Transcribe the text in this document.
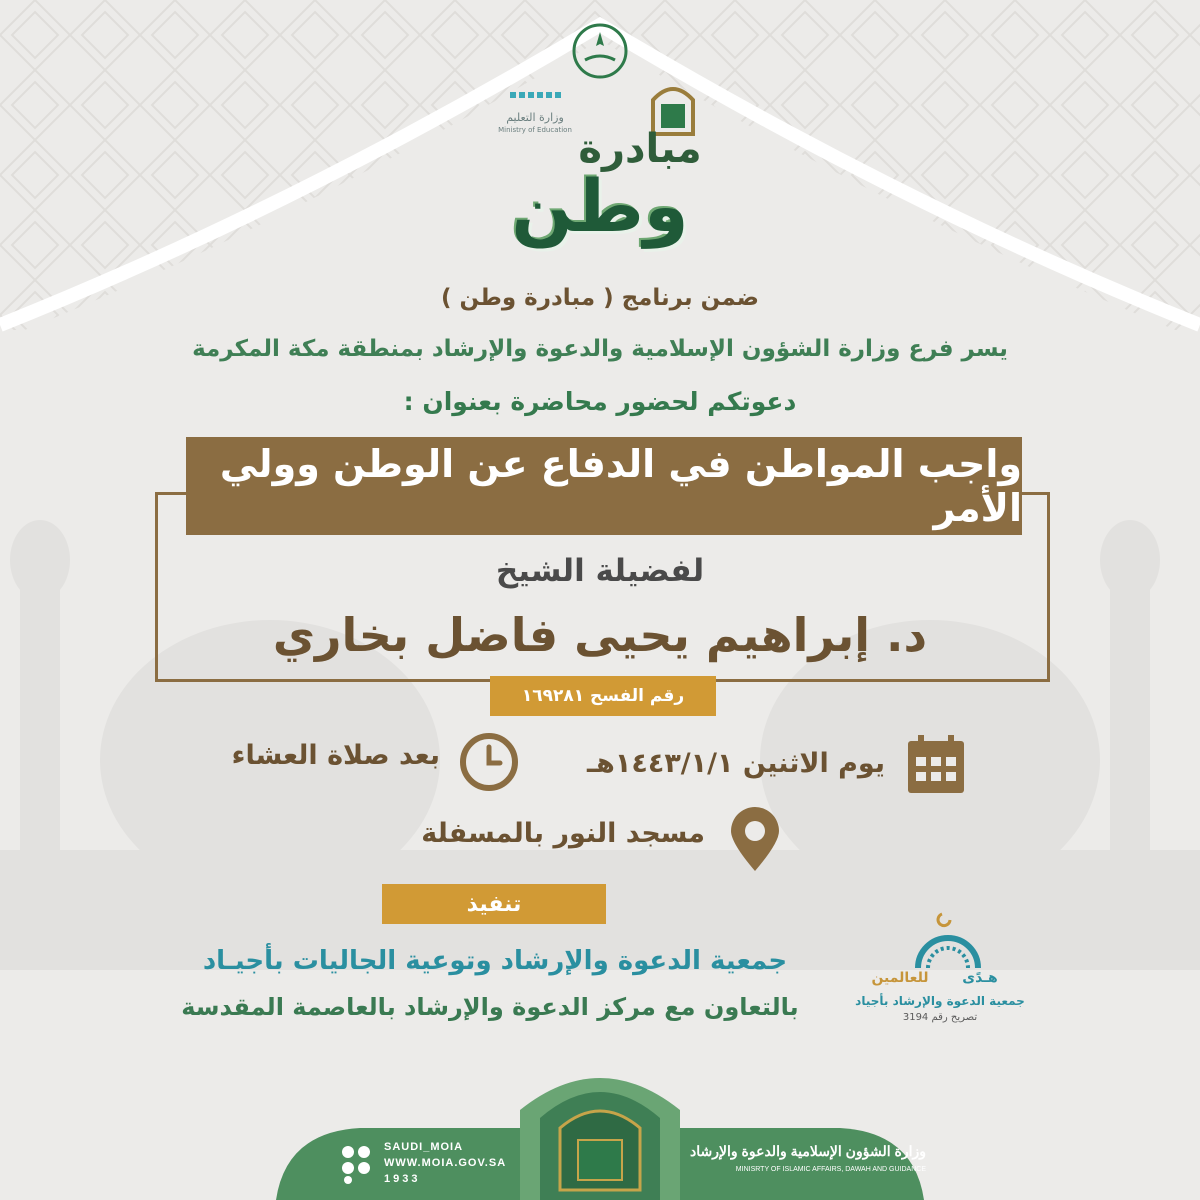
وزارة التعليم
Ministry of Education مبادرة
وطن
ضمن برنامج ( مبادرة وطن )
يسر فرع وزارة الشؤون الإسلامية والدعوة والإرشاد بمنطقة مكة المكرمة
دعوتكم لحضور محاضرة بعنوان :
واجب المواطن في الدفاع عن الوطن وولي الأمر
لفضيلة الشيخ
د. إبراهيم يحيى فاضل بخاري
رقم الفسح ١٦٩٢٨١
يوم الاثنين ١٤٤٣/١/١هـ
بعد صلاة العشاء
مسجد النور بالمسفلة
تنفيذ
جمعية الدعوة والإرشاد وتوعية الجاليات بأجيـاد
بالتعاون مع مركز الدعوة والإرشاد بالعاصمة المقدسة
للعالمين	هـدًى
جمعية الدعوة والإرشاد بأجياد
تصريح رقم 3194
وزارة الشؤون الإسلامية والدعوة والإرشاد
MINISRTY OF ISLAMIC AFFAIRS, DAWAH AND GUIDANCE
SAUDI_MOIA
WWW.MOIA.GOV.SA
1933
